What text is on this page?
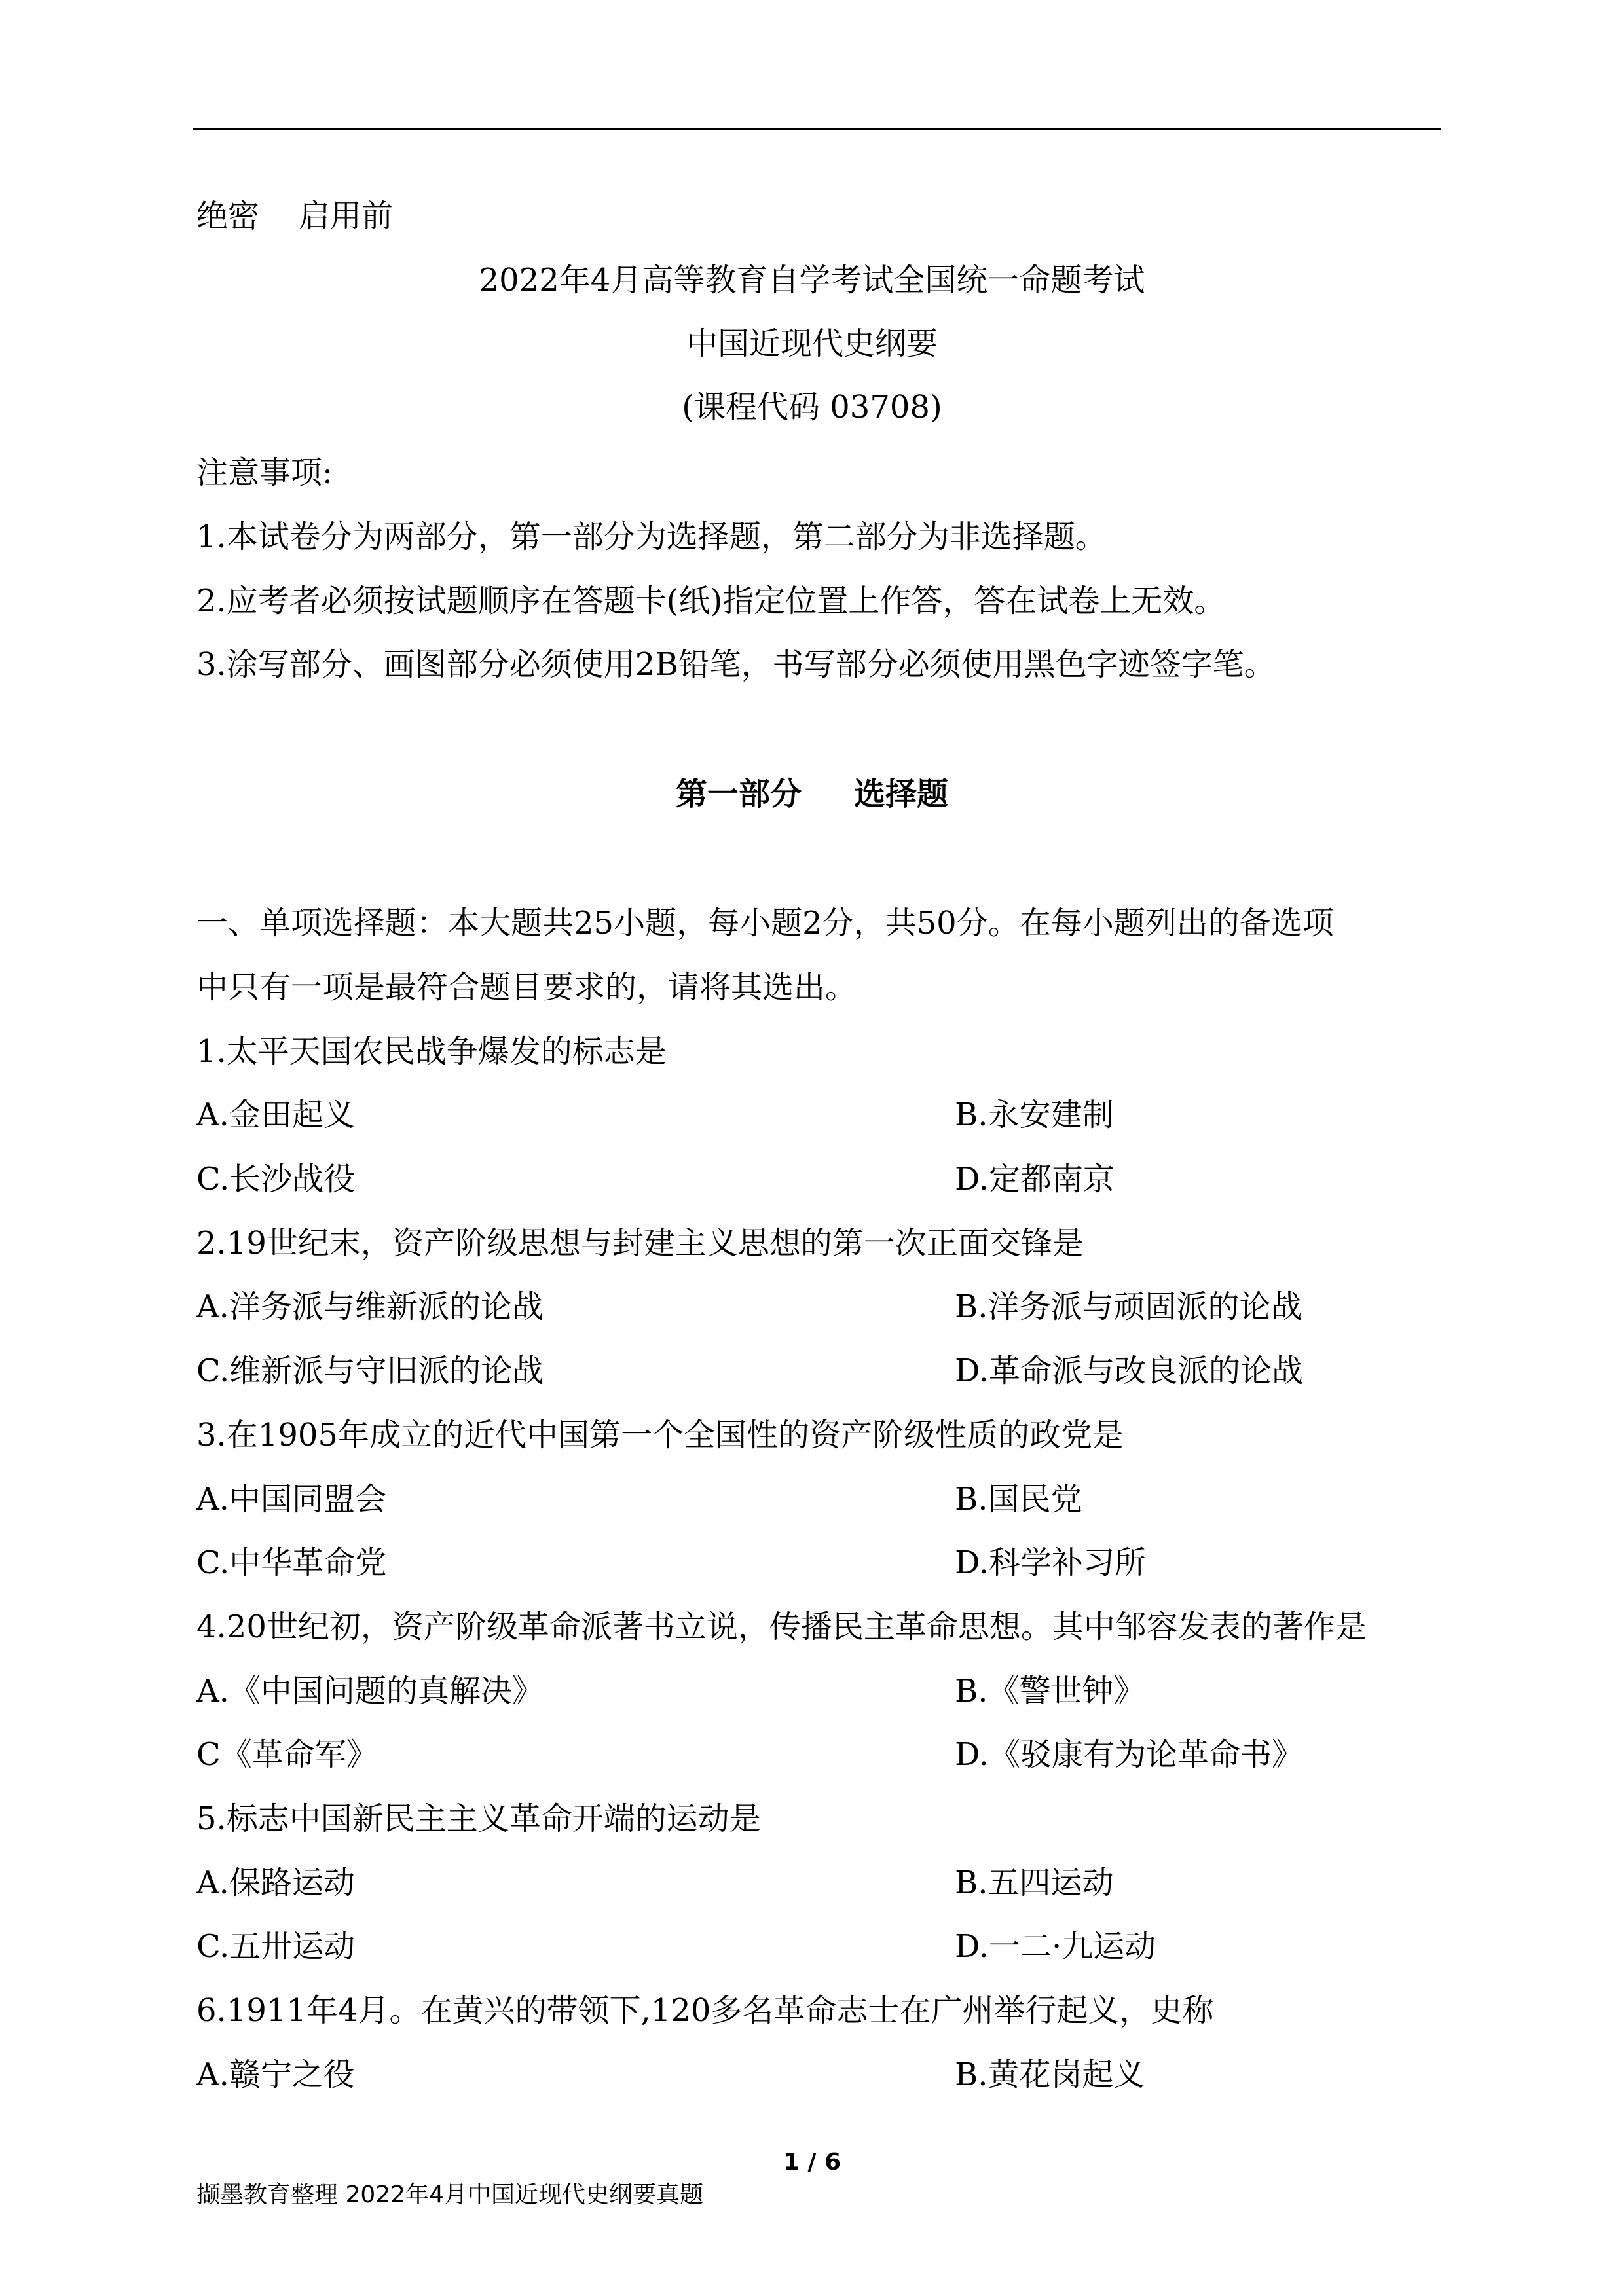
绝密 启用前
2022年4月高等教育自学考试全国统一命题考试
中国近现代史纲要
(课程代码 03708)
注意事项:
1.本试卷分为两部分，第一部分为选择题，第二部分为非选择题。
2.应考者必须按试题顺序在答题卡(纸)指定位置上作答，答在试卷上无效。
3.涂写部分、画图部分必须使用2B铅笔，书写部分必须使用黑色字迹签字笔。
第一部分 选择题
一、单项选择题：本大题共25小题，每小题2分，共50分。在每小题列出的备选项
中只有一项是最符合题目要求的，请将其选出。
1.太平天国农民战争爆发的标志是
A.金田起义	B.永安建制
C.长沙战役	D.定都南京
2.19世纪末，资产阶级思想与封建主义思想的第一次正面交锋是
A.洋务派与维新派的论战	B.洋务派与顽固派的论战
C.维新派与守旧派的论战	D.革命派与改良派的论战
3.在1905年成立的近代中国第一个全国性的资产阶级性质的政党是
A.中国同盟会	B.国民党
C.中华革命党	D.科学补习所
4.20世纪初，资产阶级革命派著书立说，传播民主革命思想。其中邹容发表的著作是
A.《中国问题的真解决》	B.《警世钟》
C《革命军》	D.《驳康有为论革命书》
5.标志中国新民主主义革命开端的运动是
A.保路运动	B.五四运动
C.五卅运动	D.一二·九运动
6.1911年4月。在黄兴的带领下,120多名革命志士在广州举行起义，史称
A.赣宁之役	B.黄花岗起义
1 / 6
撷墨教育整理 2022年4月中国近现代史纲要真题
